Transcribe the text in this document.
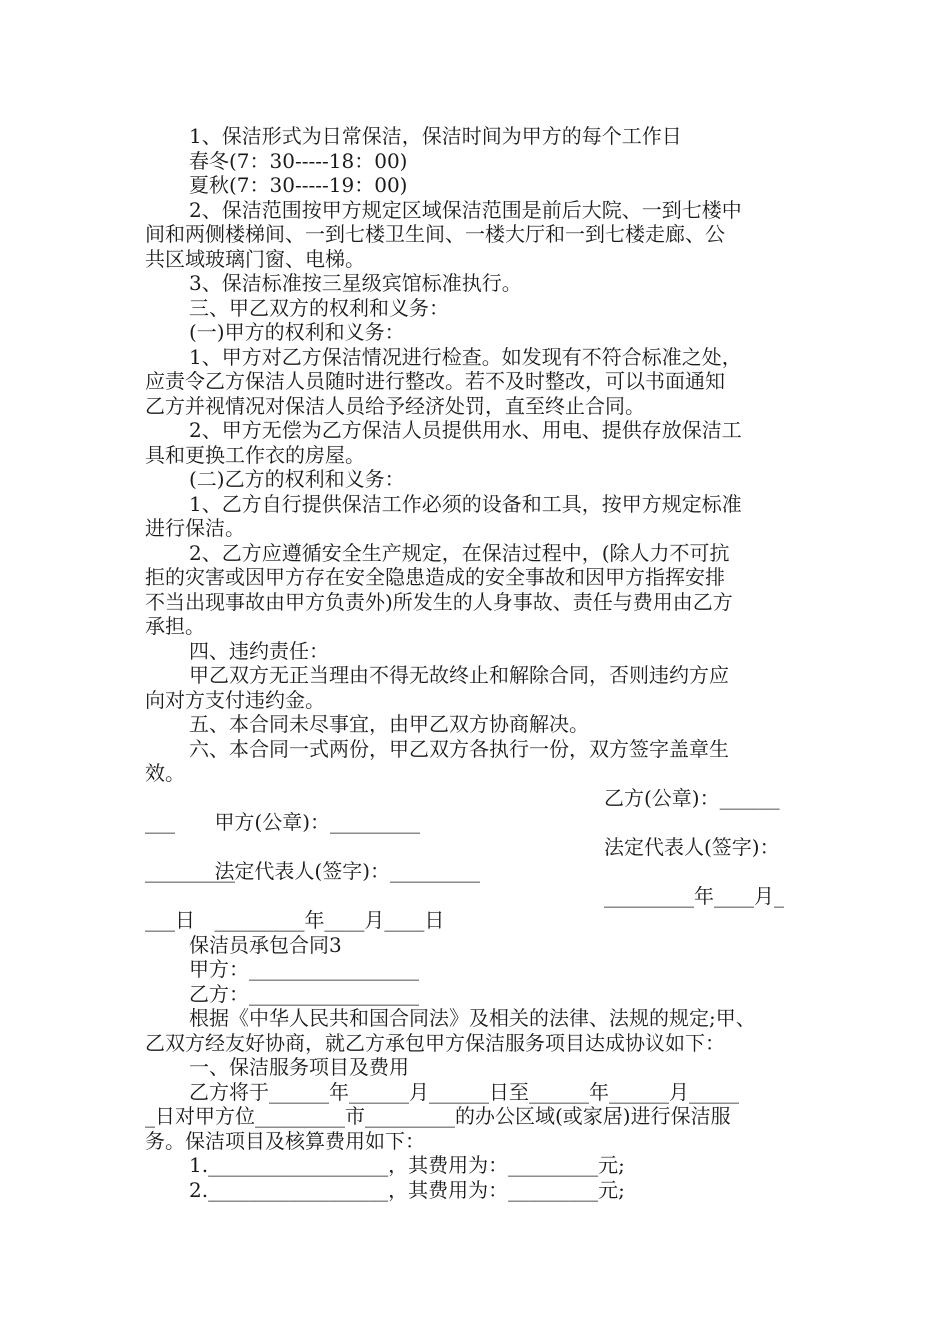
1、保洁形式为日常保洁，保洁时间为甲方的每个工作日
春冬(7：30-----18：00)
夏秋(7：30-----19：00)
2、保洁范围按甲方规定区域保洁范围是前后大院、一到七楼中
间和两侧楼梯间、一到七楼卫生间、一楼大厅和一到七楼走廊、公
共区域玻璃门窗、电梯。
3、保洁标准按三星级宾馆标准执行。
三、甲乙双方的权利和义务：
(一)甲方的权利和义务：
1、甲方对乙方保洁情况进行检查。如发现有不符合标准之处，
应责令乙方保洁人员随时进行整改。若不及时整改，可以书面通知
乙方并视情况对保洁人员给予经济处罚，直至终止合同。
2、甲方无偿为乙方保洁人员提供用水、用电、提供存放保洁工
具和更换工作衣的房屋。
(二)乙方的权利和义务：
1、乙方自行提供保洁工作必须的设备和工具，按甲方规定标准
进行保洁。
2、乙方应遵循安全生产规定，在保洁过程中，(除人力不可抗
拒的灾害或因甲方存在安全隐患造成的安全事故和因甲方指挥安排
不当出现事故由甲方负责外)所发生的人身事故、责任与费用由乙方
承担。
四、违约责任：
甲乙双方无正当理由不得无故终止和解除合同，否则违约方应
向对方支付违约金。
五、本合同未尽事宜，由甲乙双方协商解决。
六、本合同一式两份，甲乙双方各执行一份，双方签字盖章生
效。

甲方(公章)：_________

乙方(公章)：______

___

法定代表人(签字)：_________

法定代表人(签字)：

_________

_________年____月____日

_________年____月_

___日
保洁员承包合同3
甲方：_________________
乙方：_________________
根据《中华人民共和国合同法》及相关的法律、法规的规定;甲、
乙双方经友好协商，就乙方承包甲方保洁服务项目达成协议如下：
一、保洁服务项目及费用
乙方将于______年______月______日至______年______月_____
_日对甲方位_________市_________的办公区域(或家居)进行保洁服
务。保洁项目及核算费用如下：
1.__________________，其费用为：_________元;
2.__________________，其费用为：_________元;
